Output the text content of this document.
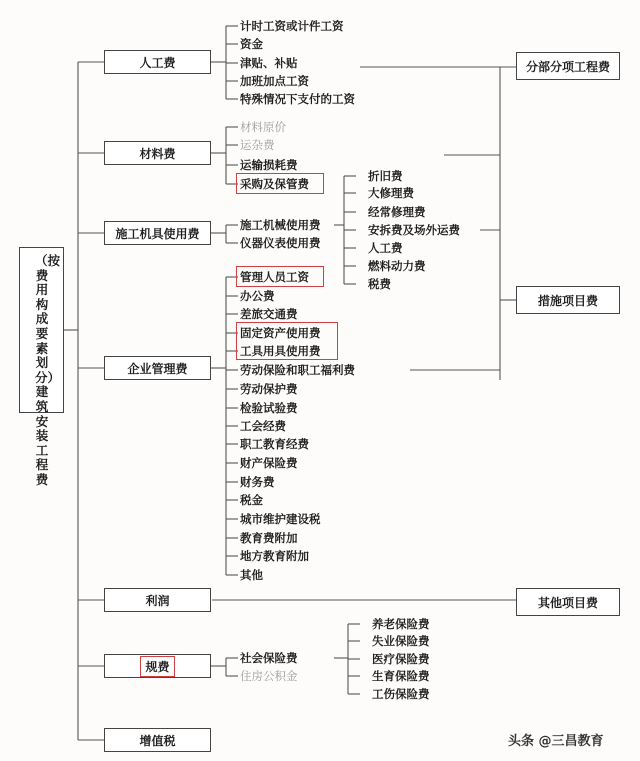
（按费用构成要素划分）建筑安装工程费
人工费
材料费
施工机具使用费
企业管理费
利润
规费
增值税
分部分项工程费
措施项目费
其他项目费
计时工资或计件工资
资金
津贴、补贴
加班加点工资
特殊情况下支付的工资
材料原价
运杂费
运输损耗费
采购及保管费
施工机械使用费
仪器仪表使用费
折旧费
大修理费
经常修理费
安拆费及场外运费
人工费
燃料动力费
税费
管理人员工资
办公费
差旅交通费
固定资产使用费
工具用具使用费
劳动保险和职工福利费
劳动保护费
检验试验费
工会经费
职工教育经费
财产保险费
财务费
税金
城市维护建设税
教育费附加
地方教育附加
其他
社会保险费
住房公积金
养老保险费
失业保险费
医疗保险费
生育保险费
工伤保险费
头条 @三昌教育
